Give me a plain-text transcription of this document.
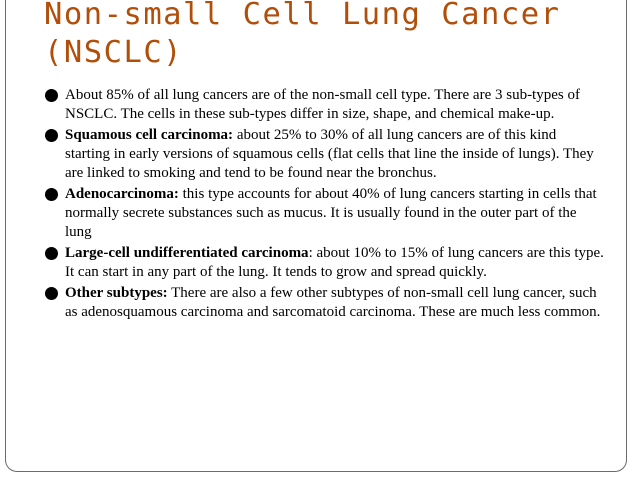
Non-small Cell Lung Cancer
(NSCLC)
About 85% of all lung cancers are of the non-small cell type. There are 3 sub-types of NSCLC. The cells in these sub-types differ in size, shape, and chemical make-up.
Squamous cell carcinoma: about 25% to 30% of all lung cancers are of this kind starting in early versions of squamous cells (flat cells that line the inside of lungs). They are linked to smoking and tend to be found near the bronchus.
Adenocarcinoma: this type accounts for about 40% of lung cancers starting in cells that normally secrete substances such as mucus. It is usually found in the outer part of the lung
Large-cell undifferentiated carcinoma: about 10% to 15% of lung cancers are this type. It can start in any part of the lung. It tends to grow and spread quickly.
Other subtypes: There are also a few other subtypes of non-small cell lung cancer, such as adenosquamous carcinoma and sarcomatoid carcinoma. These are much less common.
